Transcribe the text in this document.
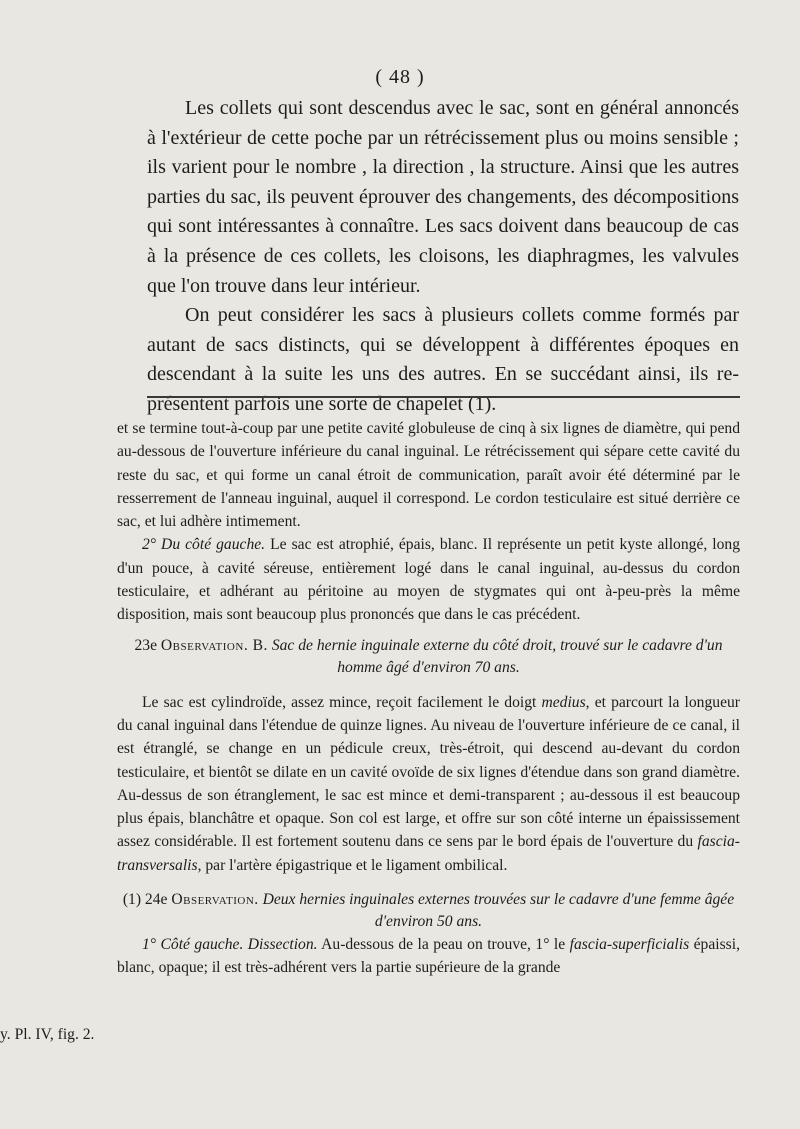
( 48 )

Les collets qui sont descendus avec le sac, sont en général annoncés à l'extérieur de cette poche par un rétrécissement plus ou moins sensible ; ils varient pour le nombre , la direction , la structure. Ainsi que les autres parties du sac, ils peuvent éprouver des changements, des décompositions qui sont intéressantes à connaître. Les sacs doivent dans beaucoup de cas à la présence de ces collets, les cloisons, les diaphragmes, les valvules que l'on trouve dans leur intérieur.

On peut considérer les sacs à plusieurs collets comme formés par autant de sacs distincts, qui se développent à différentes époques en descendant à la suite les uns des autres. En se succédant ainsi, ils re- présentent parfois une sorte de chapelet (1).

et se termine tout-à-coup par une petite cavité globuleuse de cinq à six lignes de diamètre, qui pend au-dessous de l'ouverture inférieure du canal inguinal. Le rétrécissement qui sépare cette cavité du reste du sac, et qui forme un canal étroit de communication, paraît avoir été déterminé par le resserrement de l'anneau inguinal, auquel il correspond. Le cordon testiculaire est situé derrière ce sac, et lui adhère intimement.

2° Du côté gauche. Le sac est atrophié, épais, blanc. Il représente un petit kyste allongé, long d'un pouce, à cavité séreuse, entièrement logé dans le canal inguinal, au-dessus du cordon testiculaire, et adhérant au péritoine au moyen de stygmates qui ont à-peu-près la même disposition, mais sont beaucoup plus prononcés que dans le cas précédent.

23e Observation. B. Sac de hernie inguinale externe du côté droit, trouvé sur le cadavre d'un homme âgé d'environ 70 ans.

Le sac est cylindroïde, assez mince, reçoit facilement le doigt medius, et parcourt la longueur du canal inguinal dans l'étendue de quinze lignes. Au niveau de l'ouverture inférieure de ce canal, il est étranglé, se change en un pédicule creux, très-étroit, qui descend au-devant du cordon testiculaire, et bientôt se dilate en un cavité ovoïde de six lignes d'étendue dans son grand diamètre. Au-dessus de son étranglement, le sac est mince et demi-transparent ; au-dessous il est beaucoup plus épais, blanchâtre et opaque. Son col est large, et offre sur son côté interne un épaississement assez considérable. Il est fortement soutenu dans ce sens par le bord épais de l'ouverture du fascia-transversalis, par l'artère épigastrique et le ligament ombilical.

(1) 24e Observation. Deux hernies inguinales externes trouvées sur le cadavre d'une femme âgée d'environ 50 ans.

1° Côté gauche. Dissection. Au-dessous de la peau on trouve, 1° le fascia-superficialis épaissi, blanc, opaque; il est très-adhérent vers la partie supérieure de la grande

y. Pl. IV, fig. 2.
